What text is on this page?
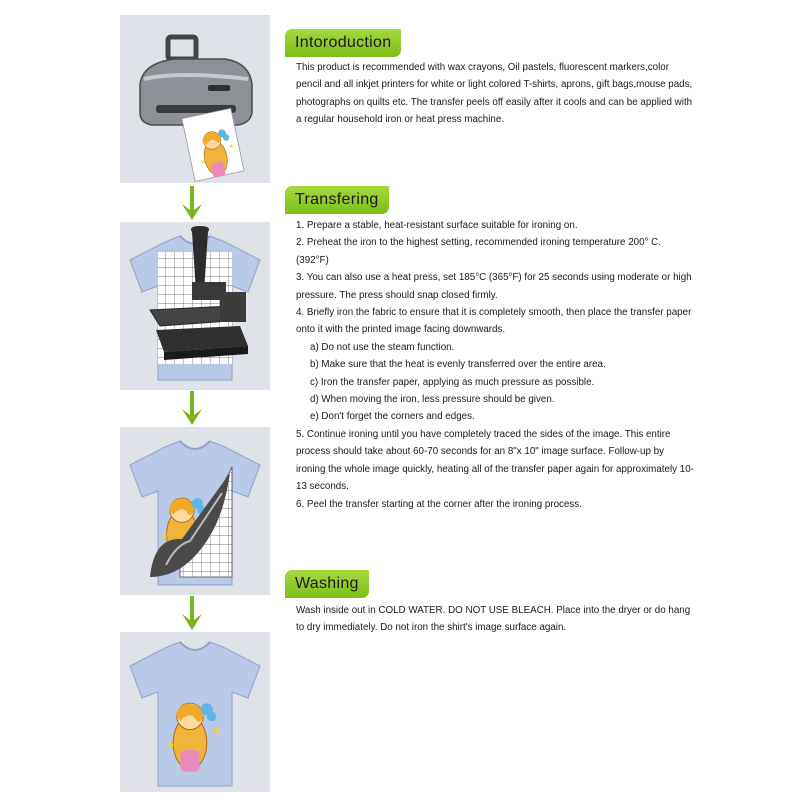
Intoroduction

This product is recommended with wax crayons, Oil pastels, fluorescent markers,color pencil and all inkjet printers for white or light colored T-shirts, aprons, gift bags,mouse pads, photographs on quilts etc. The transfer peels off easily after it cools and can be applied with a regular household iron or heat press machine.

Transfering
1. Prepare a stable, heat-resistant surface suitable for ironing on.
2. Preheat the iron to the highest setting, recommended ironing temperature 200° C. (392°F)
3. You can also use a heat press, set 185°C (365°F) for 25 seconds using moderate or high pressure. The press should snap closed firmly.
4. Briefly iron the fabric to ensure that it is completely smooth, then place the transfer paper onto it with the printed image facing downwards.
a) Do not use the steam function.
b) Make sure that the heat is evenly transferred over the entire area.
c) Iron the transfer paper, applying as much pressure as possible.
d) When moving the iron, less pressure should be given.
e) Don't forget the corners and edges.
5. Continue ironing until you have completely traced the sides of the image. This entire process should take about 60-70 seconds for an 8"x 10" image surface. Follow-up by ironing the whole image quickly, heating all of the transfer paper again for approximately 10-13 seconds.
6. Peel the transfer starting at the corner after the ironing process.
Washing

Wash inside out in COLD WATER. DO NOT USE BLEACH. Place into the dryer or do hang to dry immediately. Do not iron the shirt's image surface again.
